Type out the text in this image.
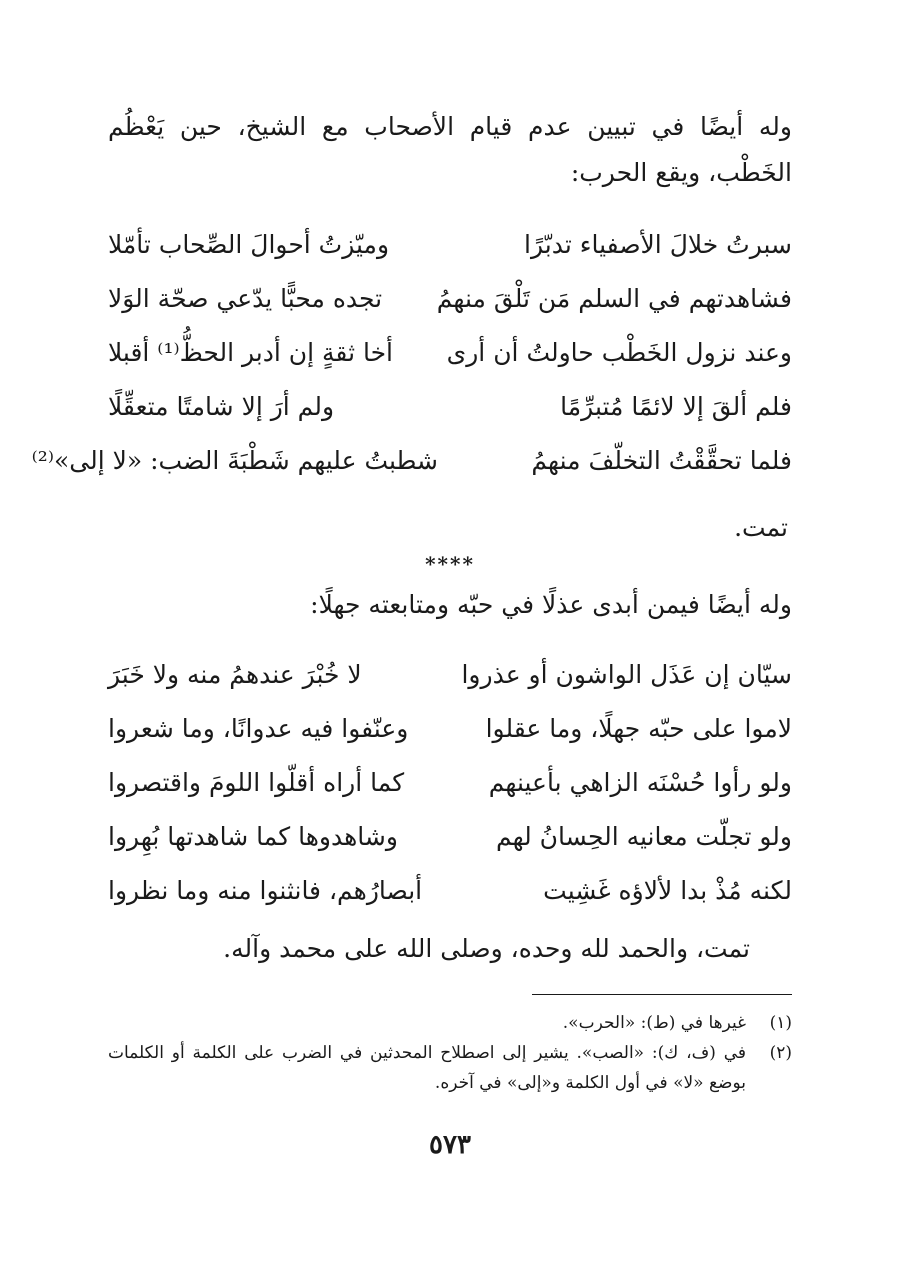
وله أيضًا في تبيين عدم قيام الأصحاب مع الشيخ، حين يَعْظُم الخَطْب، ويقع الحرب:
سبرتُ خلالَ الأصفياء تدبّرًا
وميّزتُ أحوالَ الصِّحاب تأمّلا
فشاهدتهم في السلم مَن تَلْقَ منهمُ
تجده محبًّا يدّعي صحّة الوَلا
وعند نزول الخَطْب حاولتُ أن أرى
أخا ثقةٍ إن أدبر الحظُّ⁽¹⁾ أقبلا
فلم ألقَ إلا لائمًا مُتبرِّمًا
ولم أرَ إلا شامتًا متعقِّلًا
فلما تحقَّقْتُ التخلّفَ منهمُ
شطبتُ عليهم شَطْبَةَ الضب: «لا إلى»⁽²⁾
تمت.
****
وله أيضًا فيمن أبدى عذلًا في حبّه ومتابعته جهلًا:
سيّان إن عَذَل الواشون أو عذروا
لا خُبْرَ عندهمُ منه ولا خَبَرَ
لاموا على حبّه جهلًا، وما عقلوا
وعنّفوا فيه عدوانًا، وما شعروا
ولو رأوا حُسْنَه الزاهي بأعينهم
كما أراه أقلّوا اللومَ واقتصروا
ولو تجلّت معانيه الحِسانُ لهم
وشاهدوها كما شاهدتها بُهِروا
لكنه مُذْ بدا لألاؤه غَشِيت
أبصارُهم، فانثنوا منه وما نظروا
تمت، والحمد لله وحده، وصلى الله على محمد وآله.
(١)
غيرها في (ط): «الحرب».
(٢)
في (ف، ك): «الصب». يشير إلى اصطلاح المحدثين في الضرب على الكلمة أو الكلمات بوضع «لا» في أول الكلمة و«إلى» في آخره.
٥٧٣
